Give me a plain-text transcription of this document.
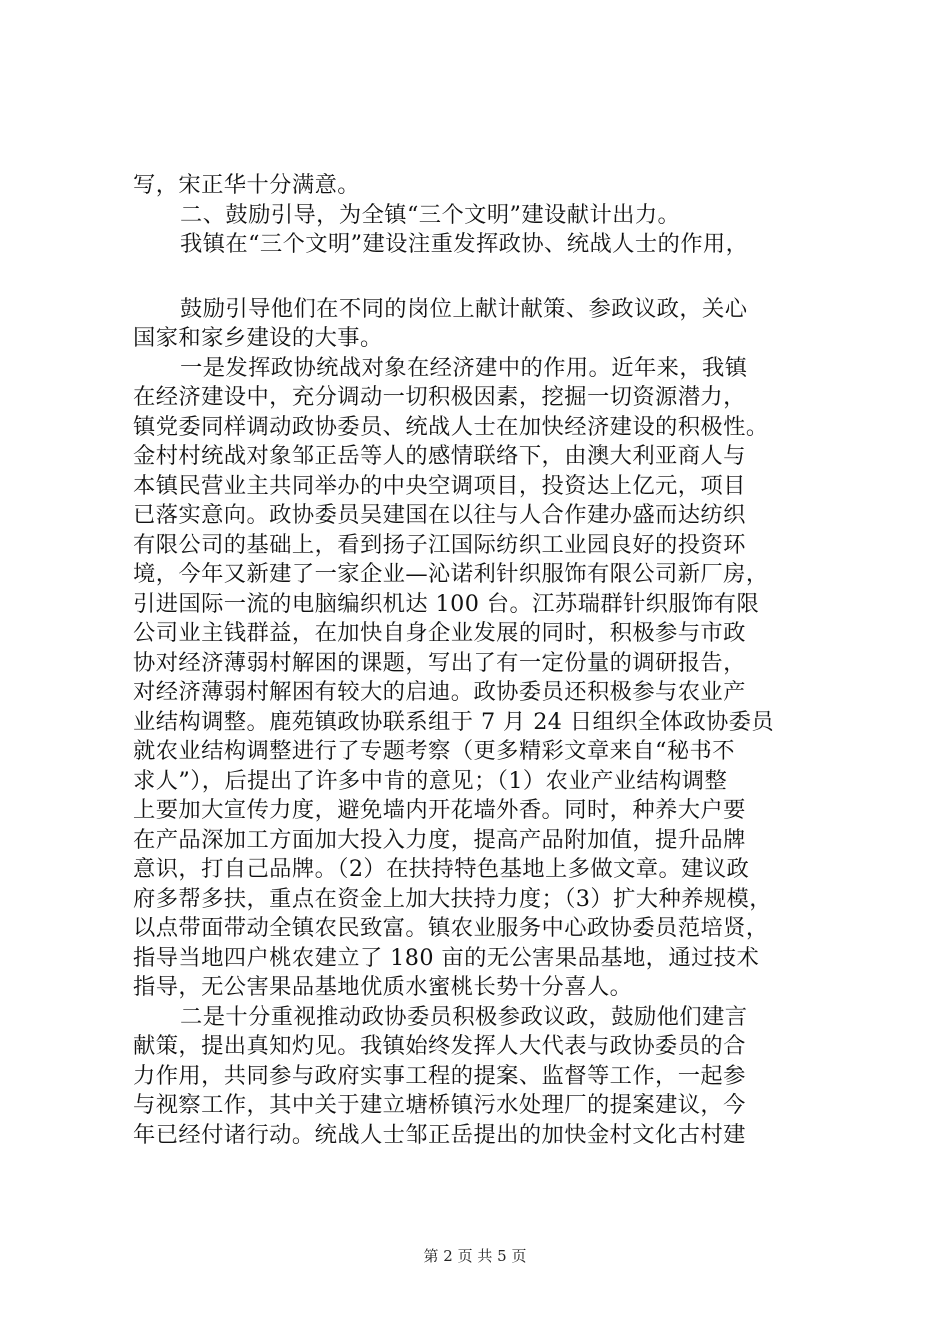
写，宋正华十分满意。
二、鼓励引导，为全镇“三个文明”建设献计出力。
我镇在“三个文明”建设注重发挥政协、统战人士的作用，
鼓励引导他们在不同的岗位上献计献策、参政议政，关心
国家和家乡建设的大事。
一是发挥政协统战对象在经济建中的作用。近年来，我镇
在经济建设中，充分调动一切积极因素，挖掘一切资源潜力，
镇党委同样调动政协委员、统战人士在加快经济建设的积极性。
金村村统战对象邹正岳等人的感情联络下，由澳大利亚商人与
本镇民营业主共同举办的中央空调项目，投资达上亿元，项目
已落实意向。政协委员吴建国在以往与人合作建办盛而达纺织
有限公司的基础上，看到扬子江国际纺织工业园良好的投资环
境，今年又新建了一家企业—沁诺利针织服饰有限公司新厂房，
引进国际一流的电脑编织机达 100 台。江苏瑞群针织服饰有限
公司业主钱群益，在加快自身企业发展的同时，积极参与市政
协对经济薄弱村解困的课题，写出了有一定份量的调研报告，
对经济薄弱村解困有较大的启迪。政协委员还积极参与农业产
业结构调整。鹿苑镇政协联系组于 7 月 24 日组织全体政协委员
就农业结构调整进行了专题考察（更多精彩文章来自“秘书不
求人”），后提出了许多中肯的意见；（1）农业产业结构调整
上要加大宣传力度，避免墙内开花墙外香。同时，种养大户要
在产品深加工方面加大投入力度，提高产品附加值，提升品牌
意识，打自己品牌。（2）在扶持特色基地上多做文章。建议政
府多帮多扶，重点在资金上加大扶持力度；（3）扩大种养规模，
以点带面带动全镇农民致富。镇农业服务中心政协委员范培贤，
指导当地四户桃农建立了 180 亩的无公害果品基地，通过技术
指导，无公害果品基地优质水蜜桃长势十分喜人。
二是十分重视推动政协委员积极参政议政，鼓励他们建言
献策，提出真知灼见。我镇始终发挥人大代表与政协委员的合
力作用，共同参与政府实事工程的提案、监督等工作，一起参
与视察工作，其中关于建立塘桥镇污水处理厂的提案建议，今
年已经付诸行动。统战人士邹正岳提出的加快金村文化古村建
第 2 页 共 5 页
